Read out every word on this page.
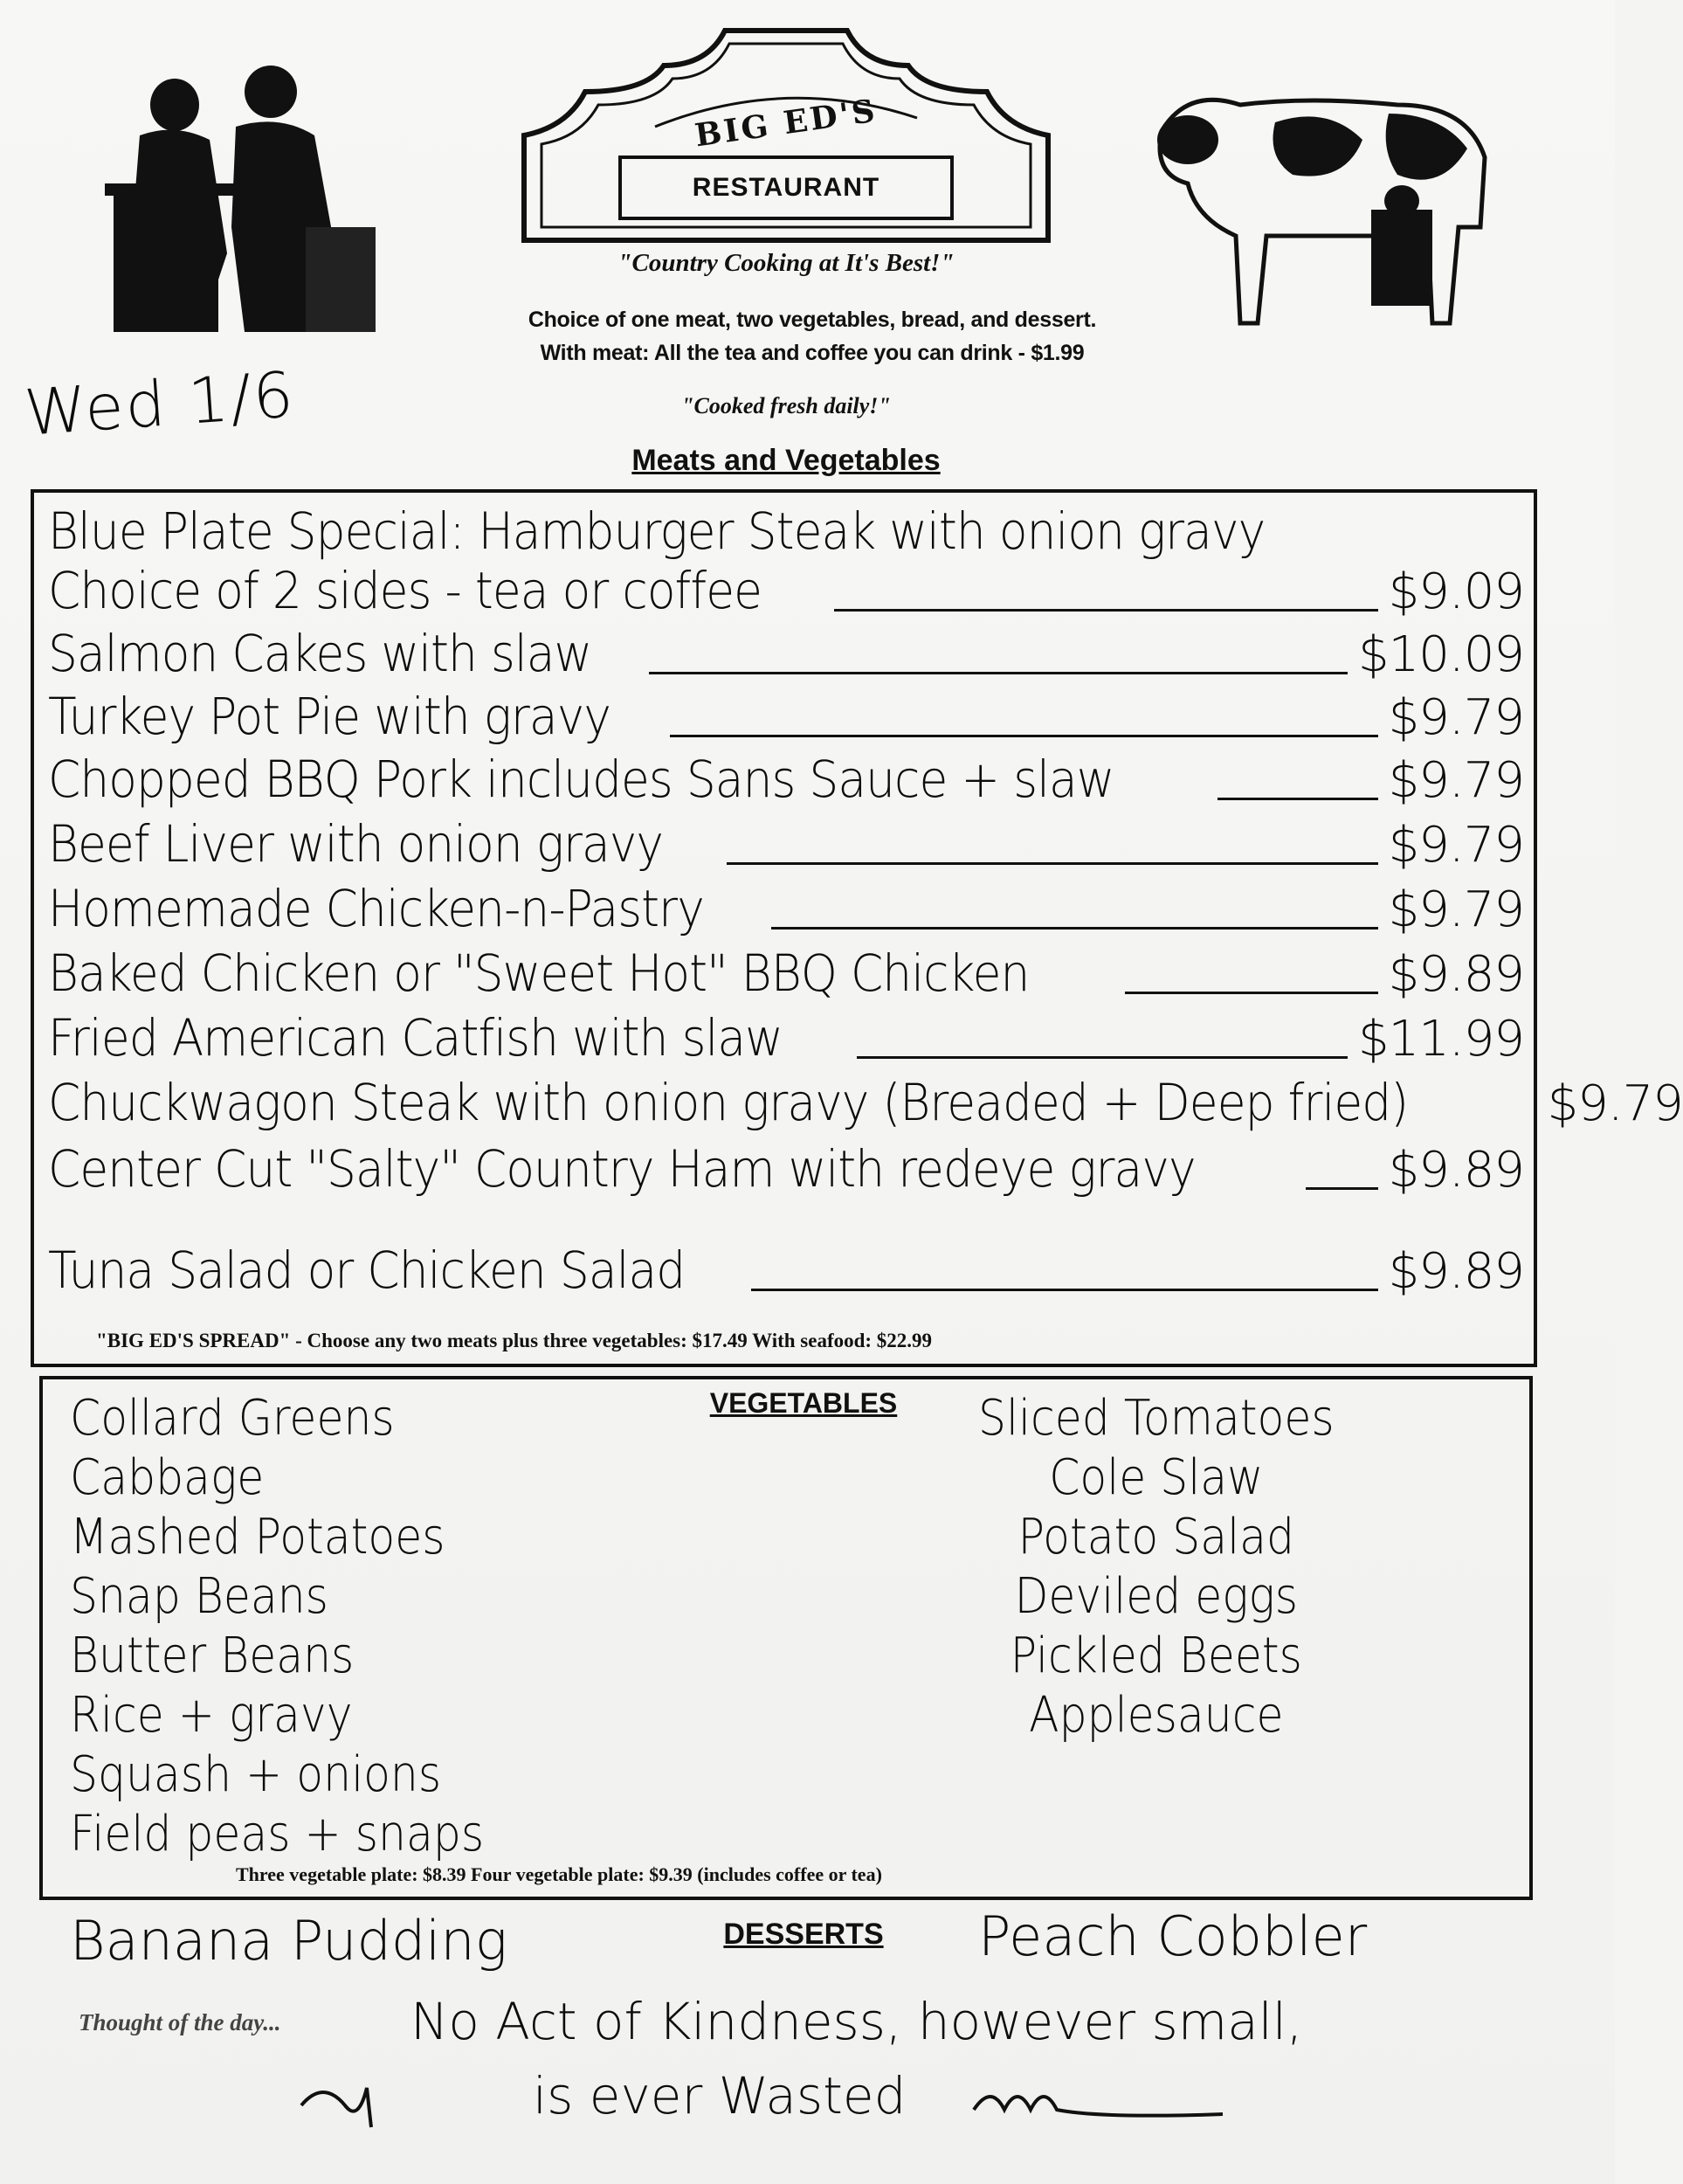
BIG ED'S
RESTAURANT
"Country Cooking at It's Best!"
Choice of one meat, two vegetables, bread, and dessert.
With meat: All the tea and coffee you can drink - $1.99
"Cooked fresh daily!"
Wed 1/6
Meats and Vegetables
Blue Plate Special: Hamburger Steak with onion gravy
Choice of 2 sides - tea or coffee	$9.09
Salmon Cakes with slaw	$10.09
Turkey Pot Pie with gravy	$9.79
Chopped BBQ Pork includes Sans Sauce + slaw	$9.79
Beef Liver with onion gravy	$9.79
Homemade Chicken-n-Pastry	$9.79
Baked Chicken or "Sweet Hot" BBQ Chicken	$9.89
Fried American Catfish with slaw	$11.99
Chuckwagon Steak with onion gravy (Breaded + Deep fried)	$9.79
Center Cut "Salty" Country Ham with redeye gravy	$9.89
Tuna Salad or Chicken Salad	$9.89
"BIG ED'S SPREAD" - Choose any two meats plus three vegetables: $17.49 With seafood: $22.99
VEGETABLES
Collard Greens
Cabbage
Mashed Potatoes
Snap Beans
Butter Beans
Rice + gravy
Squash + onions
Field peas + snaps
Sliced Tomatoes
Cole Slaw
Potato Salad
Deviled eggs
Pickled Beets
Applesauce
Three vegetable plate: $8.39 Four vegetable plate: $9.39 (includes coffee or tea)
DESSERTS
Banana Pudding	Peach Cobbler
Thought of the day...	No Act of Kindness, however small,
is ever Wasted
